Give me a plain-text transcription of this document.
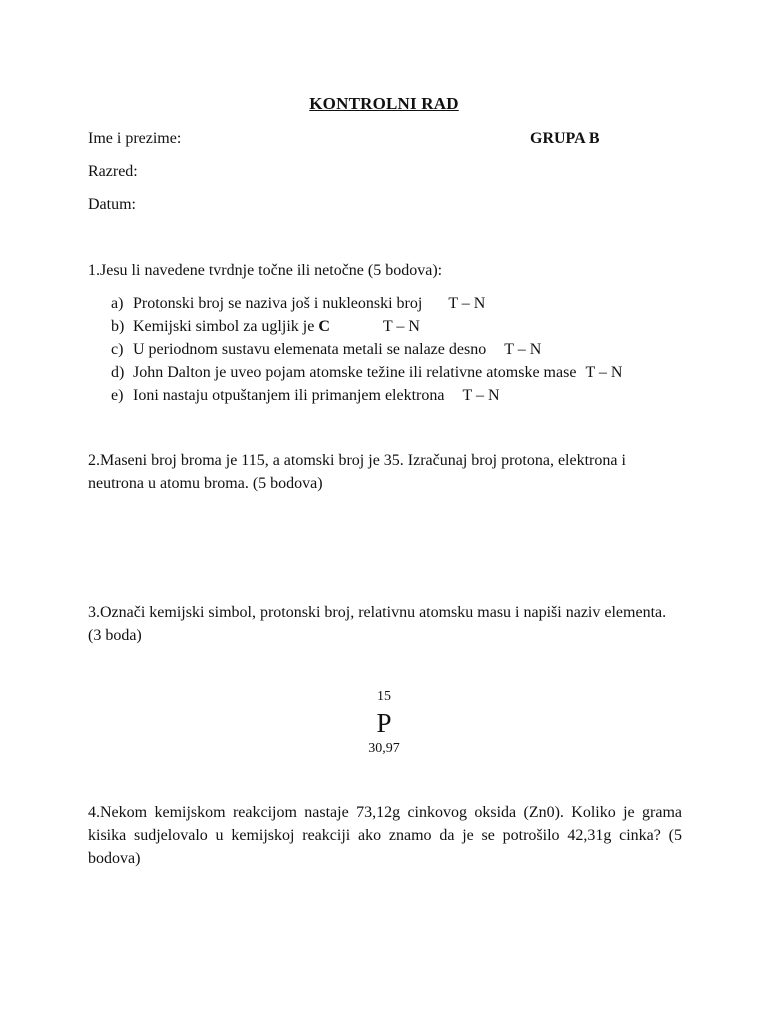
KONTROLNI RAD
Ime i prezime:	GRUPA B
Razred:
Datum:
1.Jesu li navedene tvrdnje točne ili netočne (5 bodova):
a) Protonski broj se naziva još i nukleonski broj T – N
b) Kemijski simbol za ugljik je C	T – N
c) U periodnom sustavu elemenata metali se nalaze desno T – N
d) John Dalton je uveo pojam atomske težine ili relativne atomske mase T – N
e) Ioni nastaju otpuštanjem ili primanjem elektrona T – N
2.Maseni broj broma je 115, a atomski broj je 35. Izračunaj broj protona, elektrona i neutrona u atomu broma. (5 bodova)
3.Označi kemijski simbol, protonski broj, relativnu atomsku masu i napiši naziv elementa. (3 boda)
15
P
30,97
4.Nekom kemijskom reakcijom nastaje 73,12g cinkovog oksida (Zn0). Koliko je grama kisika sudjelovalo u kemijskoj reakciji ako znamo da je se potrošilo 42,31g cinka? (5 bodova)
